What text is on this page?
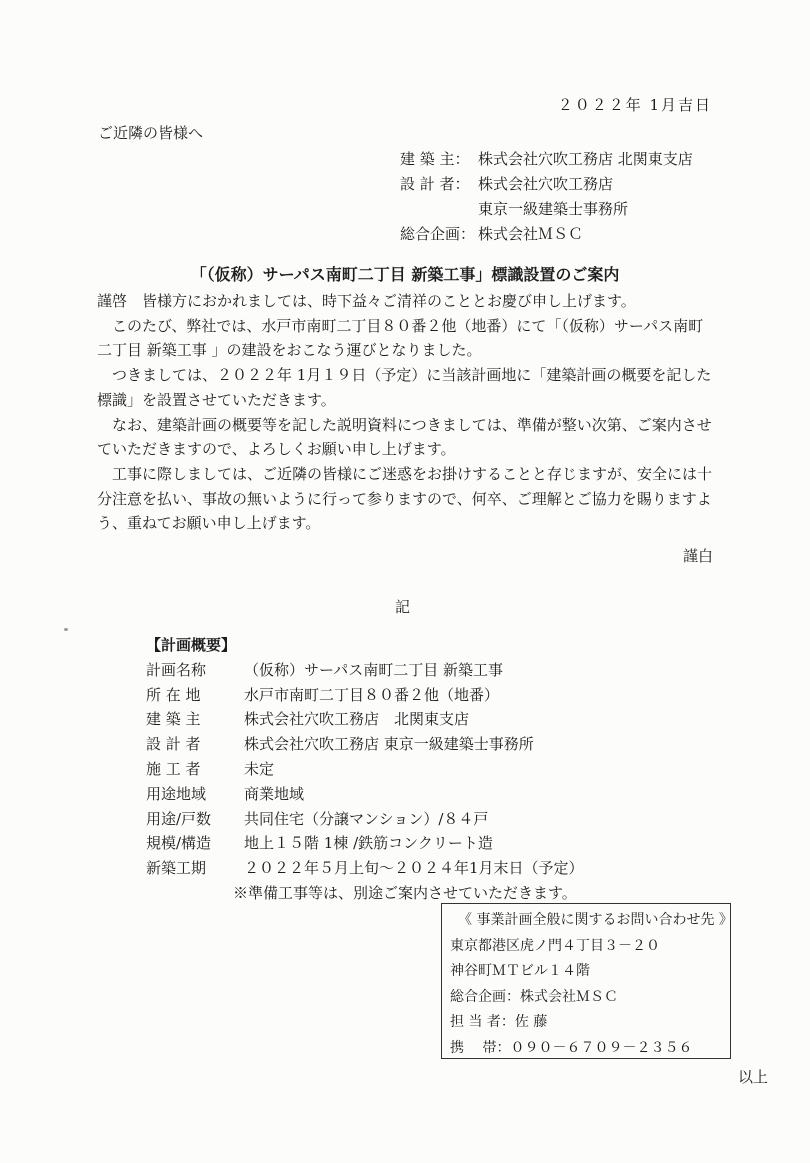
２０２２年 1月吉日
ご近隣の皆様へ
建 築 主： 株式会社穴吹工務店 北関東支店
設 計 者： 株式会社穴吹工務店
東京一級建築士事務所
総合企画： 株式会社ＭＳＣ
「（仮称）サーパス南町二丁目 新築工事」標識設置のご案内

謹啓　皆様方におかれましては、時下益々ご清祥のこととお慶び申し上げます。

このたび、弊社では、水戸市南町二丁目８０番２他（地番）にて「（仮称）サーパス南町二丁目 新築工事 」の建設をおこなう運びとなりました。

つきましては、２０２２年 1月１９日（予定）に当該計画地に「建築計画の概要を記した標識」を設置させていただきます。

なお、建築計画の概要等を記した説明資料につきましては、準備が整い次第、ご案内させていただきますので、よろしくお願い申し上げます。

工事に際しましては、ご近隣の皆様にご迷惑をお掛けすることと存じますが、安全には十分注意を払い、事故の無いように行って参りますので、何卒、ご理解とご協力を賜りますよう、重ねてお願い申し上げます。

謹白
記
【計画概要】
計画名称	（仮称）サーパス南町二丁目 新築工事
所 在 地	水戸市南町二丁目８０番２他（地番）
建 築 主	株式会社穴吹工務店　北関東支店
設 計 者	株式会社穴吹工務店 東京一級建築士事務所
施 工 者	未定
用途地域	商業地域
用途/戸数	共同住宅（分譲マンション）/８４戸
規模/構造	地上１５階 1棟 /鉄筋コンクリート造
新築工期	２０２２年５月上旬～２０２４年1月末日（予定）
※準備工事等は、別途ご案内させていただきます。
《 事業計画全般に関するお問い合わせ先 》
東京都港区虎ノ門４丁目３－２０
神谷町ＭＴビル１４階
総合企画：株式会社ＭＳＣ
担 当 者：佐 藤
携　 帯：０９０－６７０９－２３５６
以上
